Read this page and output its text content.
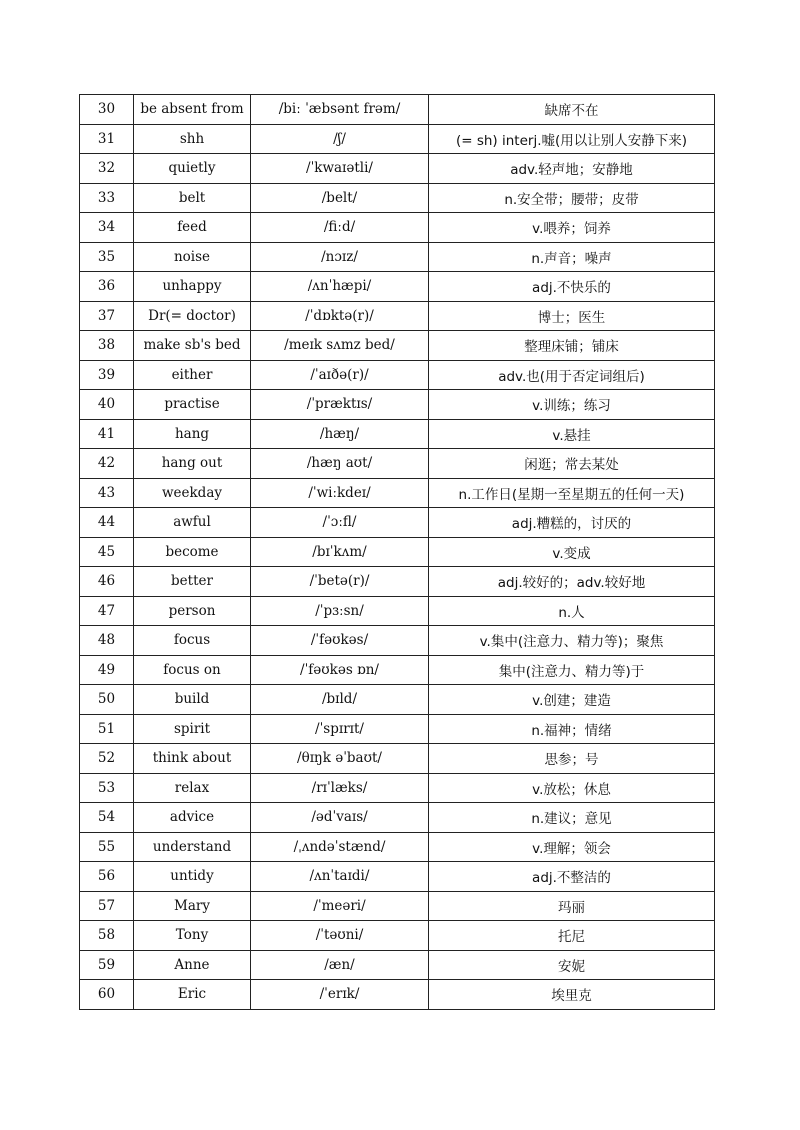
30	be absent from	/biː ˈæbsənt frəm/	缺席不在
31	shh	/ʃ/	(= sh) interj.嘘(用以让别人安静下来)
32	quietly	/ˈkwaɪətli/	adv.轻声地；安静地
33	belt	/belt/	n.安全带；腰带；皮带
34	feed	/fiːd/	v.喂养；饲养
35	noise	/nɔɪz/	n.声音；噪声
36	unhappy	/ʌnˈhæpi/	adj.不快乐的
37	Dr(= doctor)	/ˈdɒktə(r)/	博士；医生
38	make sb's bed	/meɪk sʌmz bed/	整理床铺；铺床
39	either	/ˈaɪðə(r)/	adv.也(用于否定词组后)
40	practise	/ˈpræktɪs/	v.训练；练习
41	hang	/hæŋ/	v.悬挂
42	hang out	/hæŋ aʊt/	闲逛；常去某处
43	weekday	/ˈwiːkdeɪ/	n.工作日(星期一至星期五的任何一天)
44	awful	/ˈɔːfl/	adj.糟糕的，讨厌的
45	become	/bɪˈkʌm/	v.变成
46	better	/ˈbetə(r)/	adj.较好的；adv.较好地
47	person	/ˈpɜːsn/	n.人
48	focus	/ˈfəʊkəs/	v.集中(注意力、精力等)；聚焦
49	focus on	/ˈfəʊkəs ɒn/	集中(注意力、精力等)于
50	build	/bɪld/	v.创建；建造
51	spirit	/ˈspɪrɪt/	n.福神；情绪
52	think about	/θɪŋk əˈbaʊt/	思参；号
53	relax	/rɪˈlæks/	v.放松；休息
54	advice	/ədˈvaɪs/	n.建议；意见
55	understand	/ˌʌndəˈstænd/	v.理解；领会
56	untidy	/ʌnˈtaɪdi/	adj.不整洁的
57	Mary	/ˈmeəri/	玛丽
58	Tony	/ˈtəʊni/	托尼
59	Anne	/æn/	安妮
60	Eric	/ˈerɪk/	埃里克
